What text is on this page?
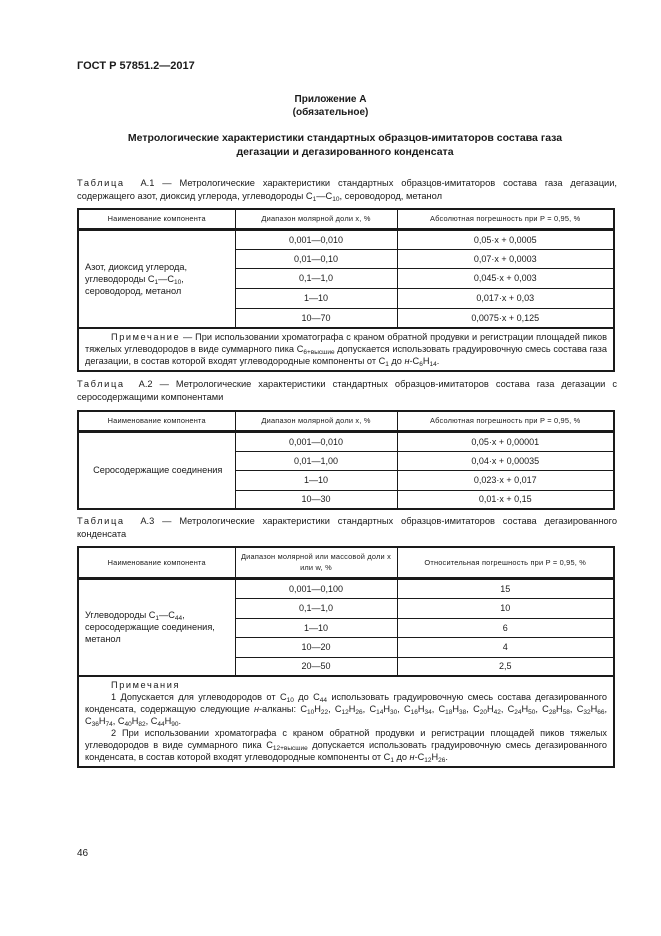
ГОСТ Р 57851.2—2017
Приложение А
(обязательное)
Метрологические характеристики стандартных образцов-имитаторов состава газа
дегазации и дегазированного конденсата
Таблица А.1 — Метрологические характеристики стандартных образцов-имитаторов состава газа дегазации, содержащего азот, диоксид углерода, углеводороды $C_1—C_{10}$, сероводород, метанол
Наименование компонента	Диапазон молярной доли x, %	Абсолютная погрешность при P = 0,95, %
Азот, диоксид углерода, углеводороды $C_1—C_{10}$, сероводород, метанол	0,001—0,010	0,05·x + 0,0005
	0,01—0,10	0,07·x + 0,0003
	0,1—1,0	0,045·x + 0,003
	1—10	0,017·x + 0,03
	10—70	0,0075·x + 0,125
Примечание — При использовании хроматографа с краном обратной продувки и регистрации площадей пиков тяжелых углеводородов в виде суммарного пика $C_{6+высшие}$ допускается использовать градуировочную смесь состава газа дегазации, в состав которой входят углеводородные компоненты от $C_1$ до $н-C_6H_{14}$.		
Таблица А.2 — Метрологические характеристики стандартных образцов-имитаторов состава газа дегазации с серосодержащими компонентами
Наименование компонента	Диапазон молярной доли x, %	Абсолютная погрешность при P = 0,95, %
Серосодержащие соединения	0,001—0,010	0,05·x + 0,00001
	0,01—1,00	0,04·x + 0,00035
	1—10	0,023·x + 0,017
	10—30	0,01·x + 0,15
Таблица А.3 — Метрологические характеристики стандартных образцов-имитаторов состава дегазированного конденсата
Наименование компонента	Диапазон молярной или массовой доли x или w, %	Относительная погрешность при P = 0,95, %
Углеводороды $C_1—C_{44}$, серосодержащие соединения, метанол	0,001—0,100	15
	0,1—1,0	10
	1—10	6
	10—20	4
	20—50	2,5

Примечания
1 Допускается для углеводородов от $C_{10}$ до $C_{44}$ использовать градуировочную смесь состава дегазированного конденсата, содержащую следующие н-алканы: $C_{10}H_{22}$, $C_{12}H_{26}$, $C_{14}H_{30}$, $C_{16}H_{34}$, $C_{18}H_{38}$, $C_{20}H_{42}$, $C_{24}H_{50}$, $C_{28}H_{58}$, $C_{32}H_{66}$, $C_{36}H_{74}$, $C_{40}H_{82}$, $C_{44}H_{90}$.
2 При использовании хроматографа с краном обратной продувки и регистрации площадей пиков тяжелых углеводородов в виде суммарного пика $C_{12+высшие}$ допускается использовать градуировочную смесь дегазированного конденсата, в состав которой входят углеводородные компоненты от $C_1$ до $н-C_{12}H_{26}$.		
46
